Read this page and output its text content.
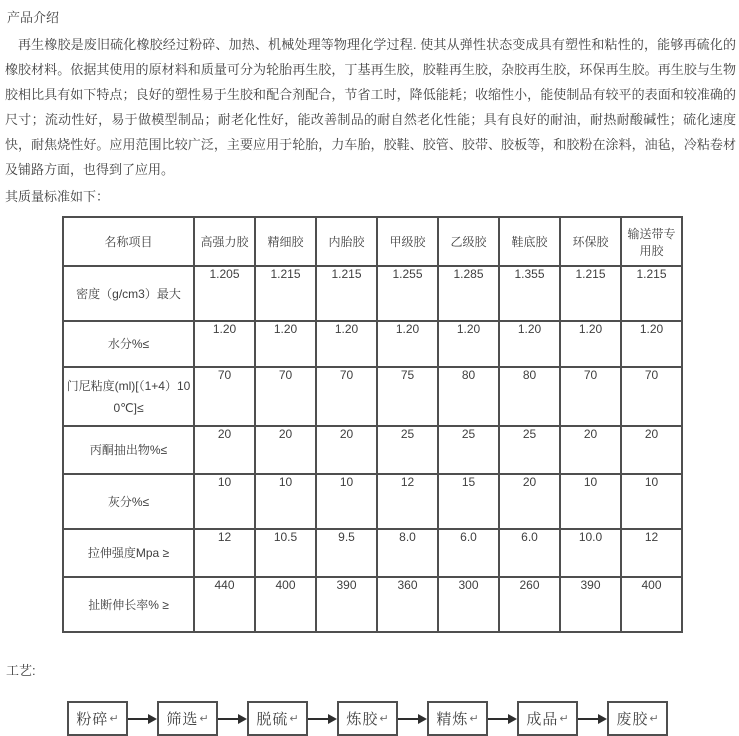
产品介绍
再生橡胶是废旧硫化橡胶经过粉碎、加热、机械处理等物理化学过程. 使其从弹性状态变成具有塑性和粘性的，能够再硫化的橡胶材料。依据其使用的原材料和质量可分为轮胎再生胶，丁基再生胶，胶鞋再生胶，杂胶再生胶，环保再生胶。再生胶与生物胶相比具有如下特点；良好的塑性易于生胶和配合剂配合，节省工时，降低能耗；收缩性小，能使制品有较平的表面和较准确的尺寸；流动性好，易于做模型制品；耐老化性好，能改善制品的耐自然老化性能；具有良好的耐油，耐热耐酸碱性；硫化速度快，耐焦烧性好。应用范围比较广泛，主要应用于轮胎，力车胎，胶鞋、胶管、胶带、胶板等，和胶粉在涂料，油毡，冷粘卷材及铺路方面，也得到了应用。
其质量标准如下：
名称项目	高强力胶	精细胶	内胎胶	甲级胶	乙级胶	鞋底胶	环保胶	输送带专用胶
密度（g/cm3）最大	1.205	1.215	1.215	1.255	1.285	1.355	1.215	1.215
水分%≤	1.20	1.20	1.20	1.20	1.20	1.20	1.20	1.20
门尼粘度(ml)[（1+4）100℃]≤	70	70	70	75	80	80	70	70
丙酮抽出物%≤	20	20	20	25	25	25	20	20
灰分%≤	10	10	10	12	15	20	10	10
拉伸强度Mpa ≥	12	10.5	9.5	8.0	6.0	6.0	10.0	12
扯断伸长率% ≥	440	400	390	360	300	260	390	400
工艺:
粉碎 ↵	筛选 ↵	脱硫 ↵	炼胶 ↵	精炼 ↵	成品 ↵	废胶 ↵
